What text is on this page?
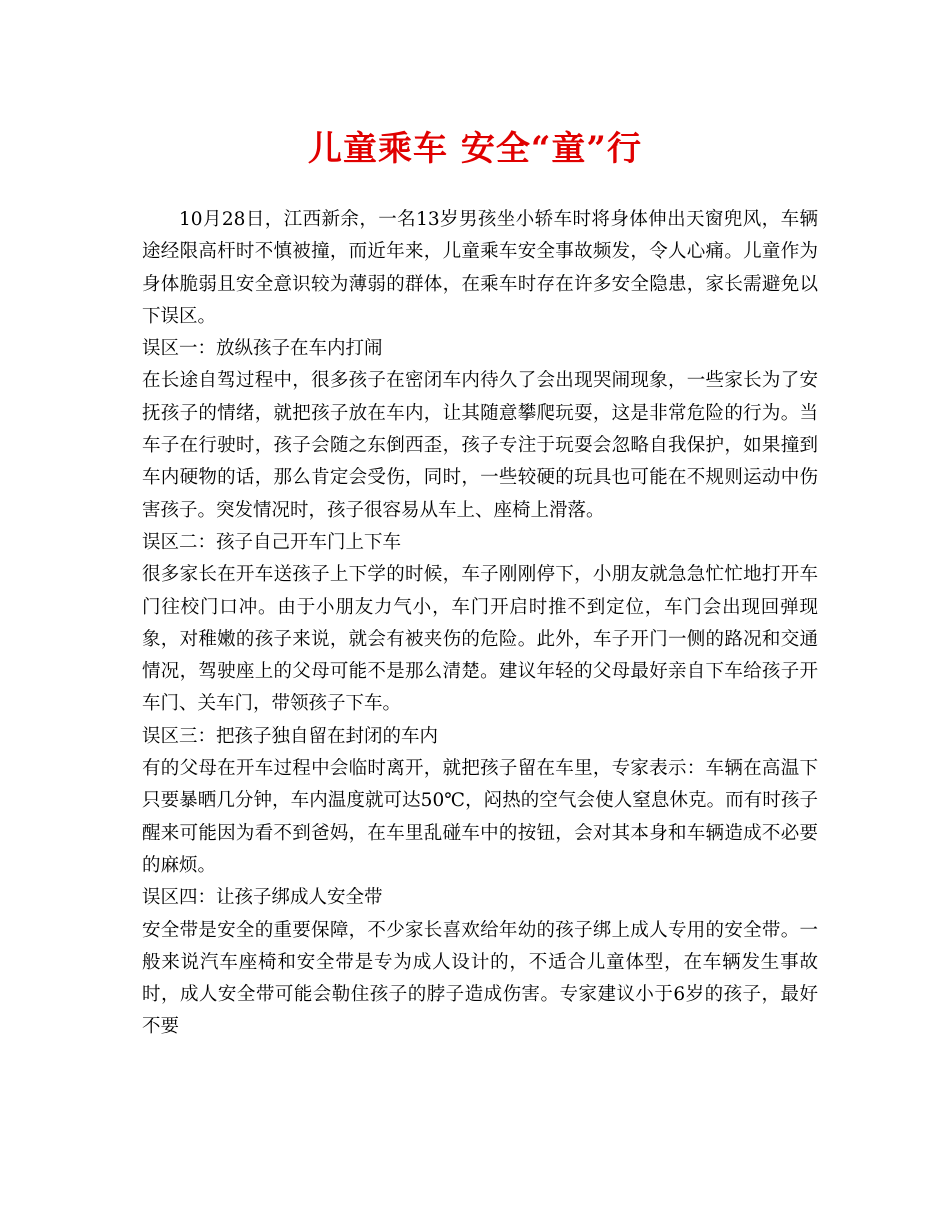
儿童乘车 安全“童”行

10月28日，江西新余，一名13岁男孩坐小轿车时将身体伸出天窗兜风，车辆途经限高杆时不慎被撞，而近年来，儿童乘车安全事故频发，令人心痛。儿童作为身体脆弱且安全意识较为薄弱的群体，在乘车时存在许多安全隐患，家长需避免以下误区。

误区一：放纵孩子在车内打闹

在长途自驾过程中，很多孩子在密闭车内待久了会出现哭闹现象，一些家长为了安抚孩子的情绪，就把孩子放在车内，让其随意攀爬玩耍，这是非常危险的行为。当车子在行驶时，孩子会随之东倒西歪，孩子专注于玩耍会忽略自我保护，如果撞到车内硬物的话，那么肯定会受伤，同时，一些较硬的玩具也可能在不规则运动中伤害孩子。突发情况时，孩子很容易从车上、座椅上滑落。

误区二：孩子自己开车门上下车

很多家长在开车送孩子上下学的时候，车子刚刚停下，小朋友就急急忙忙地打开车门往校门口冲。由于小朋友力气小，车门开启时推不到定位，车门会出现回弹现象，对稚嫩的孩子来说，就会有被夹伤的危险。此外，车子开门一侧的路况和交通情况，驾驶座上的父母可能不是那么清楚。建议年轻的父母最好亲自下车给孩子开车门、关车门，带领孩子下车。

误区三：把孩子独自留在封闭的车内

有的父母在开车过程中会临时离开，就把孩子留在车里，专家表示：车辆在高温下只要暴晒几分钟，车内温度就可达50℃，闷热的空气会使人窒息休克。而有时孩子醒来可能因为看不到爸妈，在车里乱碰车中的按钮，会对其本身和车辆造成不必要的麻烦。

误区四：让孩子绑成人安全带

安全带是安全的重要保障，不少家长喜欢给年幼的孩子绑上成人专用的安全带。一般来说汽车座椅和安全带是专为成人设计的，不适合儿童体型，在车辆发生事故时，成人安全带可能会勒住孩子的脖子造成伤害。专家建议小于6岁的孩子，最好不要
